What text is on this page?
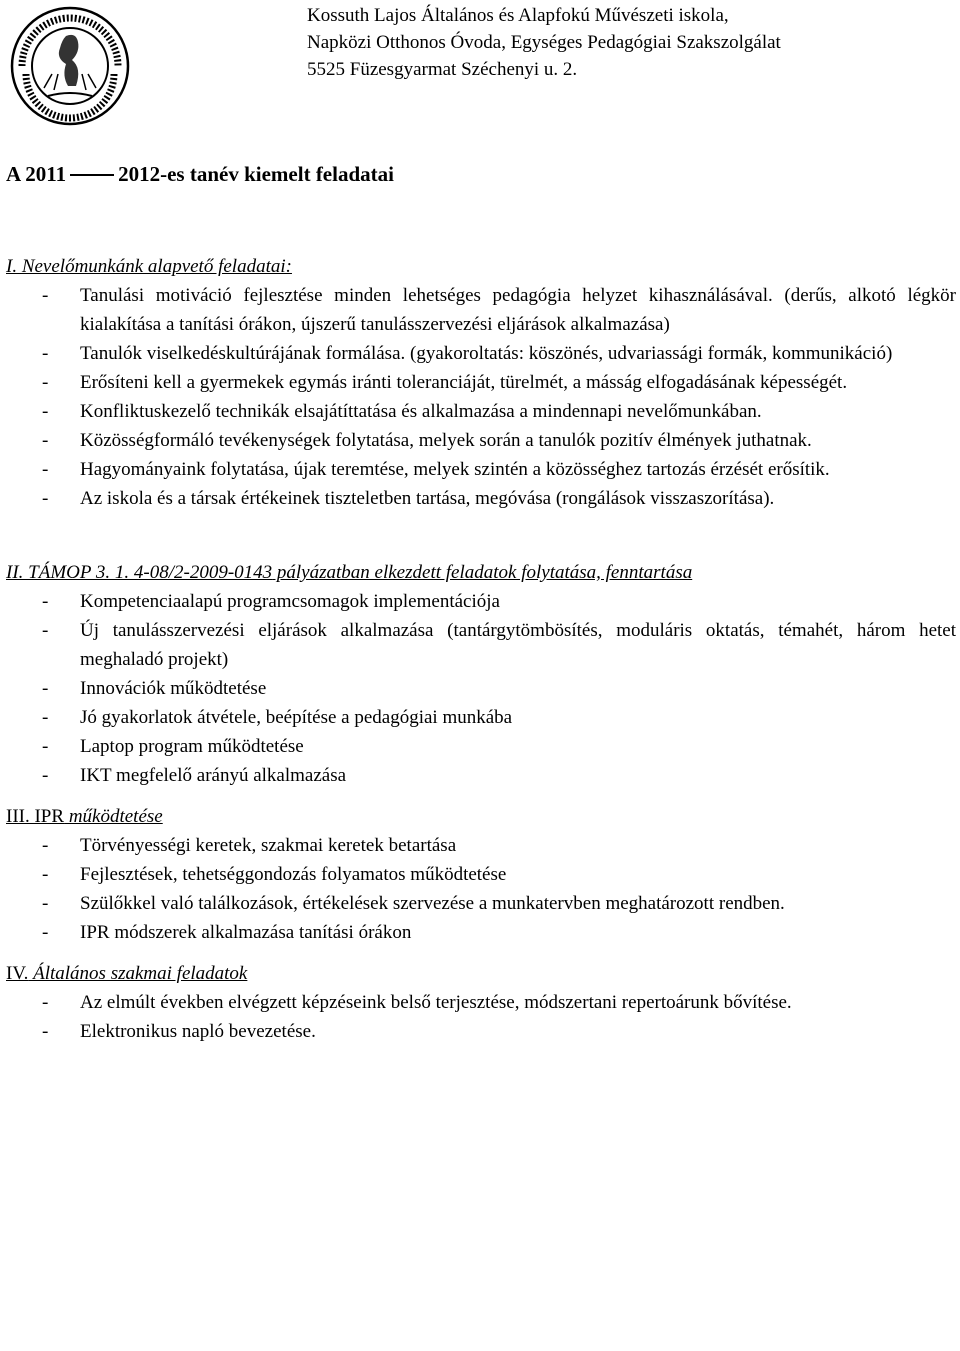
Kossuth Lajos Általános és Alapfokú Művészeti iskola,
Napközi Otthonos Óvoda, Egységes Pedagógiai Szakszolgálat
5525 Füzesgyarmat Széchenyi u. 2.
A 2011 2012-es tanév kiemelt feladatai
I. Nevelőmunkánk alapvető feladatai:
- Tanulási motiváció fejlesztése minden lehetséges pedagógia helyzet kihasználásával. (derűs, alkotó légkör kialakítása a tanítási órákon, újszerű tanulásszervezési eljárások alkalmazása)
- Tanulók viselkedéskultúrájának formálása. (gyakoroltatás: köszönés, udvariassági formák, kommunikáció)
- Erősíteni kell a gyermekek egymás iránti toleranciáját, türelmét, a másság elfogadásának képességét.
- Konfliktuskezelő technikák elsajátíttatása és alkalmazása a mindennapi nevelőmunkában.
- Közösségformáló tevékenységek folytatása, melyek során a tanulók pozitív élmények juthatnak.
- Hagyományaink folytatása, újak teremtése, melyek szintén a közösséghez tartozás érzését erősítik.
- Az iskola és a társak értékeinek tiszteletben tartása, megóvása (rongálások visszaszorítása).
II. TÁMOP 3. 1. 4-08/2-2009-0143 pályázatban elkezdett feladatok folytatása, fenntartása
- Kompetenciaalapú programcsomagok implementációja
- Új tanulásszervezési eljárások alkalmazása (tantárgytömbösítés, moduláris oktatás, témahét, három hetet meghaladó projekt)
- Innovációk működtetése
- Jó gyakorlatok átvétele, beépítése a pedagógiai munkába
- Laptop program működtetése
- IKT megfelelő arányú alkalmazása
III. IPR működtetése
- Törvényességi keretek, szakmai keretek betartása
- Fejlesztések, tehetséggondozás folyamatos működtetése
- Szülőkkel való találkozások, értékelések szervezése a munkatervben meghatározott rendben.
- IPR módszerek alkalmazása tanítási órákon
IV. Általános szakmai feladatok
- Az elmúlt években elvégzett képzéseink belső terjesztése, módszertani repertoárunk bővítése.
- Elektronikus napló bevezetése.
